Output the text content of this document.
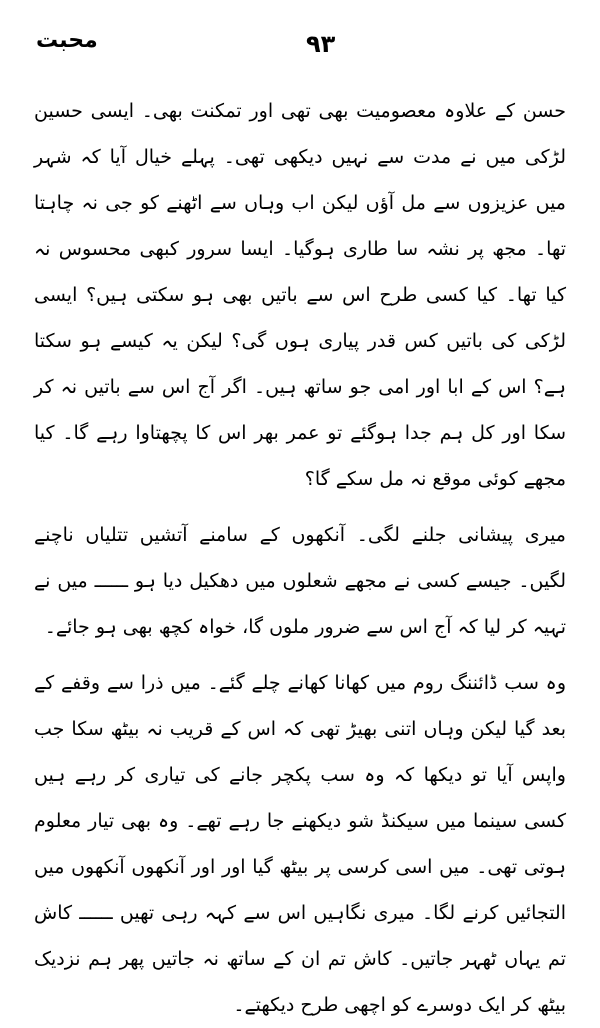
۹۳
محبت

حسن کے علاوہ معصومیت بھی تھی اور تمکنت بھی۔ ایسی حسین لڑکی میں نے مدت سے نہیں دیکھی تھی۔ پہلے خیال آیا کہ شہر میں عزیزوں سے مل آؤں لیکن اب وہاں سے اٹھنے کو جی نہ چاہتا تھا۔ مجھ پر نشہ سا طاری ہوگیا۔ ایسا سرور کبھی محسوس نہ کیا تھا۔ کیا کسی طرح اس سے باتیں بھی ہو سکتی ہیں؟ ایسی لڑکی کی باتیں کس قدر پیاری ہوں گی؟ لیکن یہ کیسے ہو سکتا ہے؟ اس کے ابا اور امی جو ساتھ ہیں۔ اگر آج اس سے باتیں نہ کر سکا اور کل ہم جدا ہوگئے تو عمر بھر اس کا پچھتاوا رہے گا۔ کیا مجھے کوئی موقع نہ مل سکے گا؟

میری پیشانی جلنے لگی۔ آنکھوں کے سامنے آتشیں تتلیاں ناچنے لگیں۔ جیسے کسی نے مجھے شعلوں میں دھکیل دیا ہو ــــــ میں نے تہیہ کر لیا کہ آج اس سے ضرور ملوں گا، خواہ کچھ بھی ہو جائے۔

وہ سب ڈائننگ روم میں کھانا کھانے چلے گئے۔ میں ذرا سے وقفے کے بعد گیا لیکن وہاں اتنی بھیڑ تھی کہ اس کے قریب نہ بیٹھ سکا جب واپس آیا تو دیکھا کہ وہ سب پکچر جانے کی تیاری کر رہے ہیں کسی سینما میں سیکنڈ شو دیکھنے جا رہے تھے۔ وہ بھی تیار معلوم ہوتی تھی۔ میں اسی کرسی پر بیٹھ گیا اور اور آنکھوں آنکھوں میں التجائیں کرنے لگا۔ میری نگاہیں اس سے کہہ رہی تھیں ــــــ کاش تم یہاں ٹھہر جاتیں۔ کاش تم ان کے ساتھ نہ جاتیں پھر ہم نزدیک بیٹھ کر ایک دوسرے کو اچھی طرح دیکھتے۔
